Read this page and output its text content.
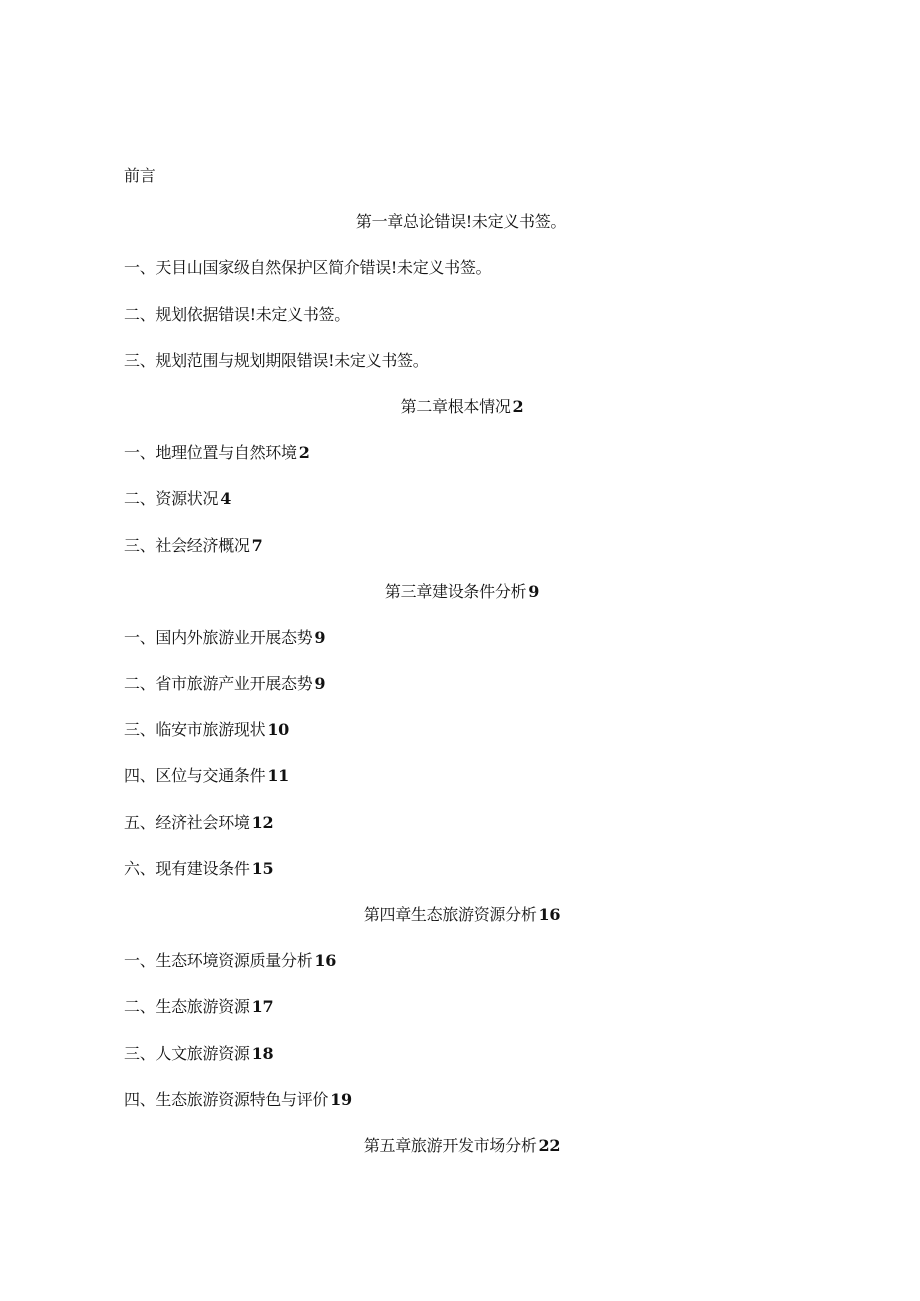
前言
第一章总论错误!未定义书签。
一、天目山国家级自然保护区简介错误!未定义书签。
二、规划依据错误!未定义书签。
三、规划范围与规划期限错误!未定义书签。
第二章根本情况 2
一、地理位置与自然环境 2
二、资源状况 4
三、社会经济概况 7
第三章建设条件分析 9
一、国内外旅游业开展态势 9
二、省市旅游产业开展态势 9
三、临安市旅游现状 10
四、区位与交通条件 11
五、经济社会环境 12
六、现有建设条件 15
第四章生态旅游资源分析 16
一、生态环境资源质量分析 16
二、生态旅游资源 17
三、人文旅游资源 18
四、生态旅游资源特色与评价 19
第五章旅游开发市场分析 22
